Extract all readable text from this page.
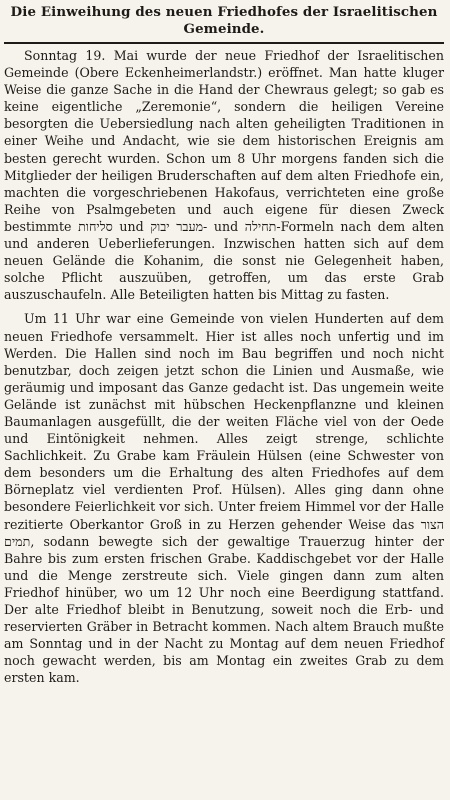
Die Einweihung des neuen Friedhofes der Israelitischen Gemeinde.

Sonntag 19. Mai wurde der neue Friedhof der Israelitischen Gemeinde (Obere Eckenheimerlandstr.) eröffnet. Man hatte kluger Weise die ganze Sache in die Hand der Chewraus gelegt; so gab es keine eigentliche „Zeremonie“, sondern die heiligen Vereine besorgten die Uebersiedlung nach alten geheiligten Traditionen in einer Weihe und Andacht, wie sie dem historischen Ereignis am besten gerecht wurden. Schon um 8 Uhr morgens fanden sich die Mitglieder der heiligen Bruderschaften auf dem alten Friedhofe ein, machten die vorgeschriebenen Hakofaus, verrichteten eine große Reihe von Psalmgebeten und auch eigene für diesen Zweck bestimmte סליחות und מעבר יבוק‑ und תחילה‑Formeln nach dem alten und anderen Ueberlieferungen. Inzwischen hatten sich auf dem neuen Gelände die Kohanim, die sonst nie Gelegenheit haben, solche Pflicht auszuüben, getroffen, um das erste Grab auszuschaufeln. Alle Beteiligten hatten bis Mittag zu fasten.

Um 11 Uhr war eine Gemeinde von vielen Hunderten auf dem neuen Friedhofe versammelt. Hier ist alles noch unfertig und im Werden. Die Hallen sind noch im Bau begriffen und noch nicht benutzbar, doch zeigen jetzt schon die Linien und Ausmaße, wie geräumig und imposant das Ganze gedacht ist. Das ungemein weite Gelände ist zunächst mit hübschen Heckenpflanzne und kleinen Baumanlagen ausgefüllt, die der weiten Fläche viel von der Oede und Eintönigkeit nehmen. Alles zeigt strenge, schlichte Sachlichkeit. Zu Grabe kam Fräulein Hülsen (eine Schwester von dem besonders um die Erhaltung des alten Friedhofes auf dem Börneplatz viel verdienten Prof. Hülsen). Alles ging dann ohne besondere Feierlichkeit vor sich. Unter freiem Himmel vor der Halle rezitierte Oberkantor Groß in zu Herzen gehender Weise das הצור תמים, sodann bewegte sich der gewaltige Trauerzug hinter der Bahre bis zum ersten frischen Grabe. Kaddischgebet vor der Halle und die Menge zerstreute sich. Viele gingen dann zum alten Friedhof hinüber, wo um 12 Uhr noch eine Beerdigung stattfand. Der alte Friedhof bleibt in Benutzung, soweit noch die Erb- und reservierten Gräber in Betracht kommen. Nach altem Brauch mußte am Sonntag und in der Nacht zu Montag auf dem neuen Friedhof noch gewacht werden, bis am Montag ein zweites Grab zu dem ersten kam.
